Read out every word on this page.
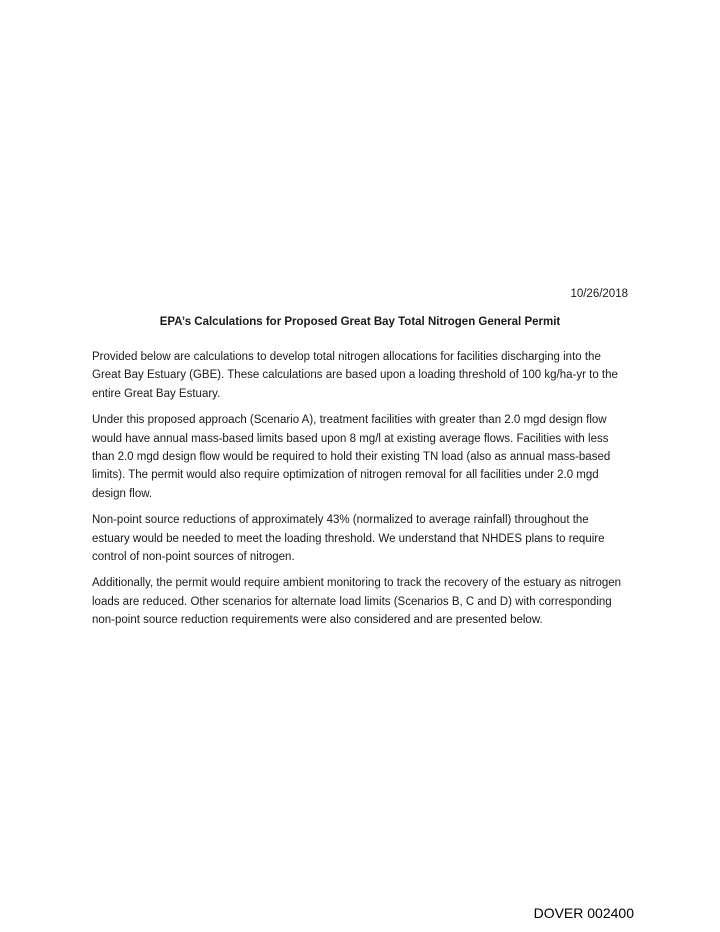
10/26/2018
EPA’s Calculations for Proposed Great Bay Total Nitrogen General Permit

Provided below are calculations to develop total nitrogen allocations for facilities discharging into the Great Bay Estuary (GBE). These calculations are based upon a loading threshold of 100 kg/ha-yr to the entire Great Bay Estuary.

Under this proposed approach (Scenario A), treatment facilities with greater than 2.0 mgd design flow would have annual mass-based limits based upon 8 mg/l at existing average flows. Facilities with less than 2.0 mgd design flow would be required to hold their existing TN load (also as annual mass-based limits). The permit would also require optimization of nitrogen removal for all facilities under 2.0 mgd design flow.

Non-point source reductions of approximately 43% (normalized to average rainfall) throughout the estuary would be needed to meet the loading threshold. We understand that NHDES plans to require control of non-point sources of nitrogen.

Additionally, the permit would require ambient monitoring to track the recovery of the estuary as nitrogen loads are reduced. Other scenarios for alternate load limits (Scenarios B, C and D) with corresponding non-point source reduction requirements were also considered and are presented below.

DOVER 002400
